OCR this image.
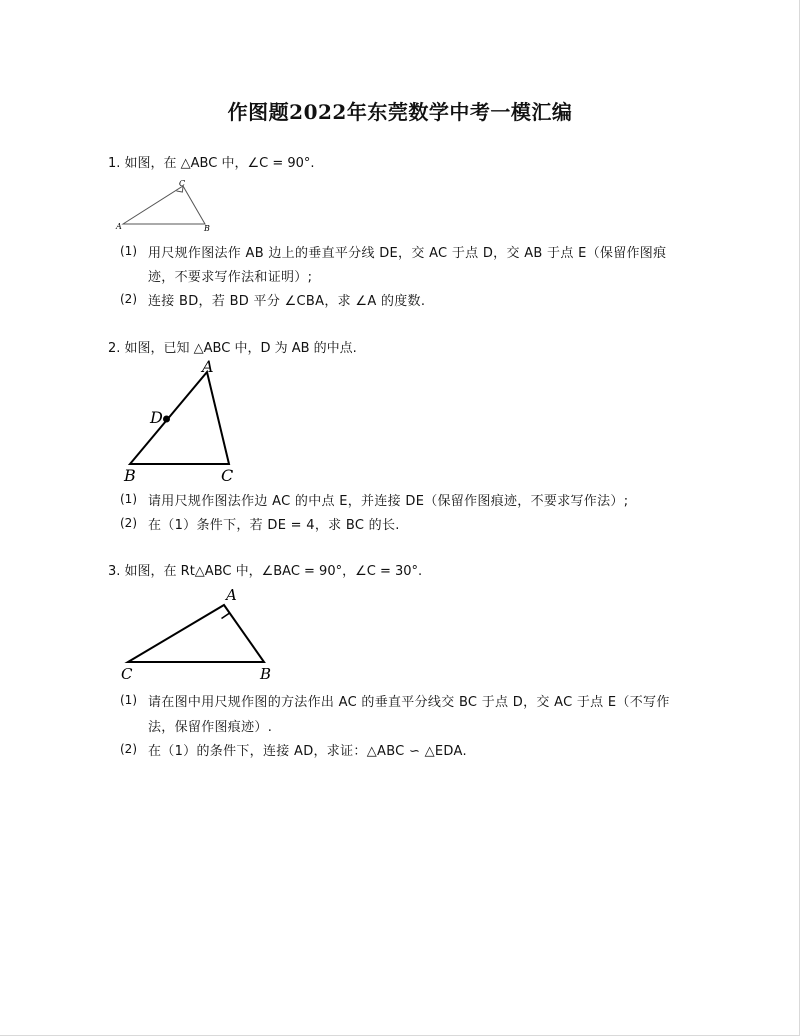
作图题2022年东莞数学中考一模汇编
1. 如图，在 △ABC 中，∠C = 90°.
C
A	B
(1) 用尺规作图法作 AB 边上的垂直平分线 DE，交 AC 于点 D，交 AB 于点 E（保留作图痕
迹，不要求写作法和证明）;
(2) 连接 BD，若 BD 平分 ∠CBA，求 ∠A 的度数.
2. 如图，已知 △ABC 中，D 为 AB 的中点.
A
D
B	C
(1) 请用尺规作图法作边 AC 的中点 E，并连接 DE（保留作图痕迹，不要求写作法）;
(2) 在（1）条件下，若 DE = 4，求 BC 的长.
3. 如图，在 Rt△ABC 中，∠BAC = 90°，∠C = 30°.
A
C	B
(1) 请在图中用尺规作图的方法作出 AC 的垂直平分线交 BC 于点 D，交 AC 于点 E（不写作
法，保留作图痕迹）.
(2) 在（1）的条件下，连接 AD，求证：△ABC ∽ △EDA.
